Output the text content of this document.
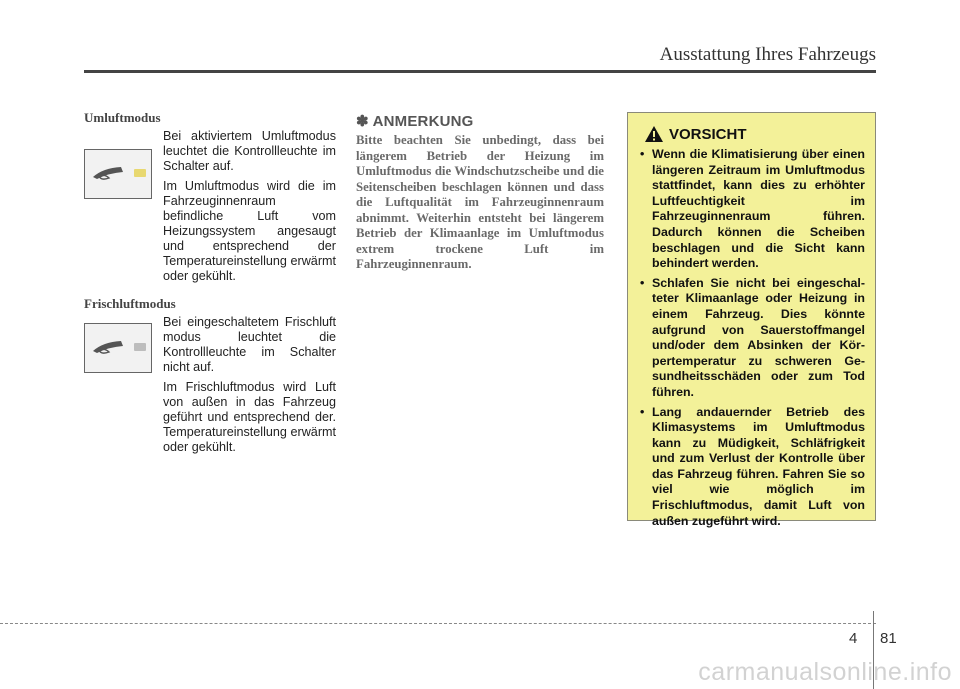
Ausstattung Ihres Fahrzeugs
Umluftmodus

Bei aktiviertem Umluftmodus leuchtet die Kontrollleuchte im Schalter auf.

Im Umluftmodus wird die im Fahrzeuginnenraum befindliche Luft vom Heizungssystem angesaugt und entsprechend der Temperatureinstellung erwärmt oder gekühlt.

Frischluftmodus

Bei eingeschaltetem Frischluft modus leuchtet die Kontrollleuchte im Schalter nicht auf.

Im Frischluftmodus wird Luft von außen in das Fahrzeug geführt und entsprechend der. Temperatureinstellung erwärmt oder gekühlt.

✽ ANMERKUNG

Bitte beachten Sie unbedingt, dass bei längerem Betrieb der Heizung im Umluftmodus die Windschutzscheibe und die Seitenscheiben beschlagen können und dass die Luftqualität im Fahrzeuginnenraum abnimmt. Weiterhin entsteht bei längerem Betrieb der Klimaanlage im Umluftmodus extrem trockene Luft im Fahrzeuginnenraum.

VORSICHT
• Wenn die Klimatisierung über einen längeren Zeitraum im Umluftmodus stattfindet, kann dies zu erhöhter Luftfeuchtigkeit im Fahrzeuginnenraum führen. Dadurch können die Scheiben beschlagen und die Sicht kann behindert werden.
• Schlafen Sie nicht bei eingeschal-teter Klimaanlage oder Heizung in einem Fahrzeug. Dies könnte aufgrund von Sauerstoffmangel und/oder dem Absinken der Kör-pertemperatur zu schweren Ge-sundheitsschäden oder zum Tod führen.
• Lang andauernder Betrieb des Klimasystems im Umluftmodus kann zu Müdigkeit, Schläfrigkeit und zum Verlust der Kontrolle über das Fahrzeug führen. Fahren Sie so viel wie möglich im Frischluftmodus, damit Luft von außen zugeführt wird.
4 81
carmanualsonline.info
